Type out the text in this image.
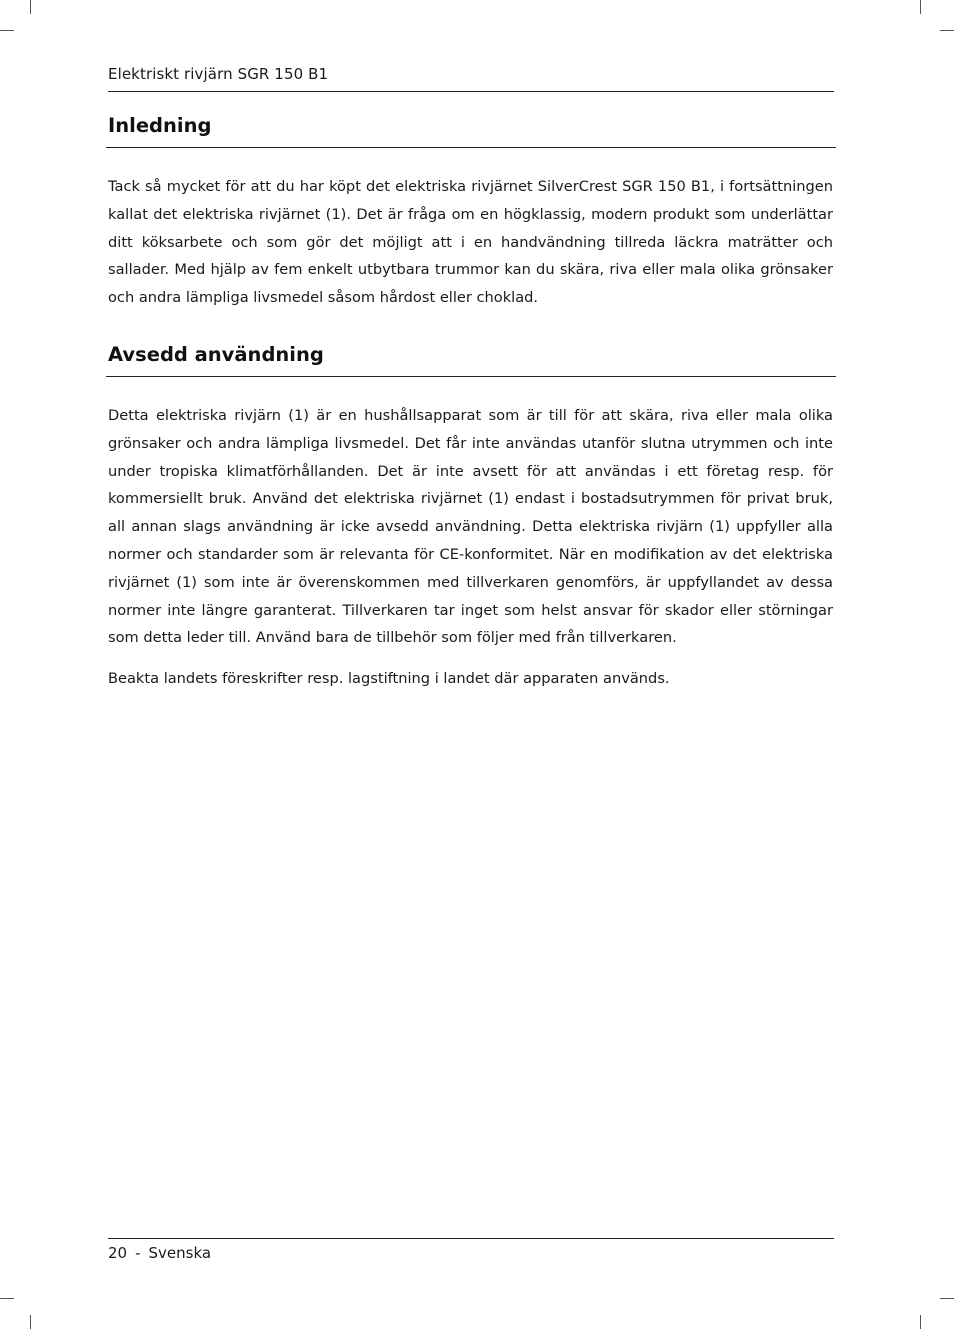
Elektriskt rivjärn SGR 150 B1
Inledning
Tack så mycket för att du har köpt det elektriska rivjärnet SilverCrest SGR 150 B1, i fortsättningen kallat det elektriska rivjärnet (1). Det är fråga om en högklassig, modern produkt som underlättar ditt köksarbete och som gör det möjligt att i en handvändning tillreda läckra maträtter och sallader. Med hjälp av fem enkelt utbytbara trummor kan du skära, riva eller mala olika grönsaker och andra lämpliga livsmedel såsom hårdost eller choklad.
Avsedd användning
Detta elektriska rivjärn (1) är en hushållsapparat som är till för att skära, riva eller mala olika grönsaker och andra lämpliga livsmedel. Det får inte användas utanför slutna utrymmen och inte under tropiska klimatförhållanden. Det är inte avsett för att användas i ett företag resp. för kommersiellt bruk. Använd det elektriska rivjärnet (1) endast i bostadsutrymmen för privat bruk, all annan slags användning är icke avsedd användning. Detta elektriska rivjärn (1) uppfyller alla normer och standarder som är relevanta för CE-konformitet. När en modifikation av det elektriska rivjärnet (1) som inte är överenskommen med tillverkaren genomförs, är uppfyllandet av dessa normer inte längre garanterat. Tillverkaren tar inget som helst ansvar för skador eller störningar som detta leder till. Använd bara de tillbehör som följer med från tillverkaren.
Beakta landets föreskrifter resp. lagstiftning i landet där apparaten används.
20 - Svenska
